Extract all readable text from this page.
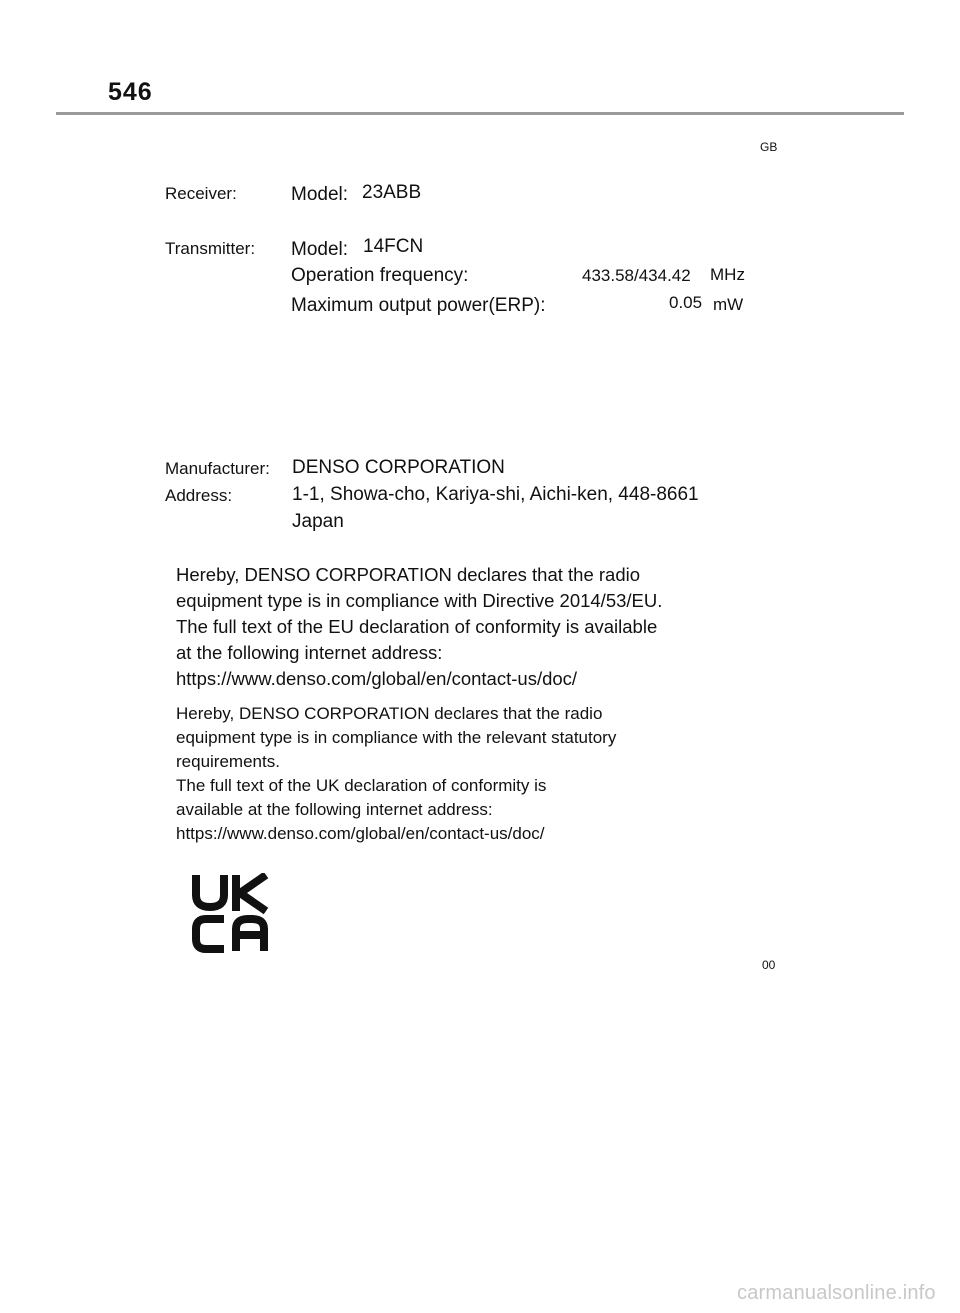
546
GB
Receiver:	Model: 23ABB
Transmitter: Model: 14FCN
Operation frequency:	433.58/434.42 MHz
Maximum output power(ERP):	0.05 mW
Manufacturer: DENSO CORPORATION
Address:	1-1, Showa-cho, Kariya-shi, Aichi-ken, 448-8661
Japan
Hereby, DENSO CORPORATION declares that the radio
equipment type is in compliance with Directive 2014/53/EU.
The full text of the EU declaration of conformity is available
at the following internet address:
https://www.denso.com/global/en/contact-us/doc/
Hereby, DENSO CORPORATION declares that the radio
equipment type is in compliance with the relevant statutory
requirements.
The full text of the UK declaration of conformity is
available at the following internet address:
https://www.denso.com/global/en/contact-us/doc/
00
carmanualsonline.info
